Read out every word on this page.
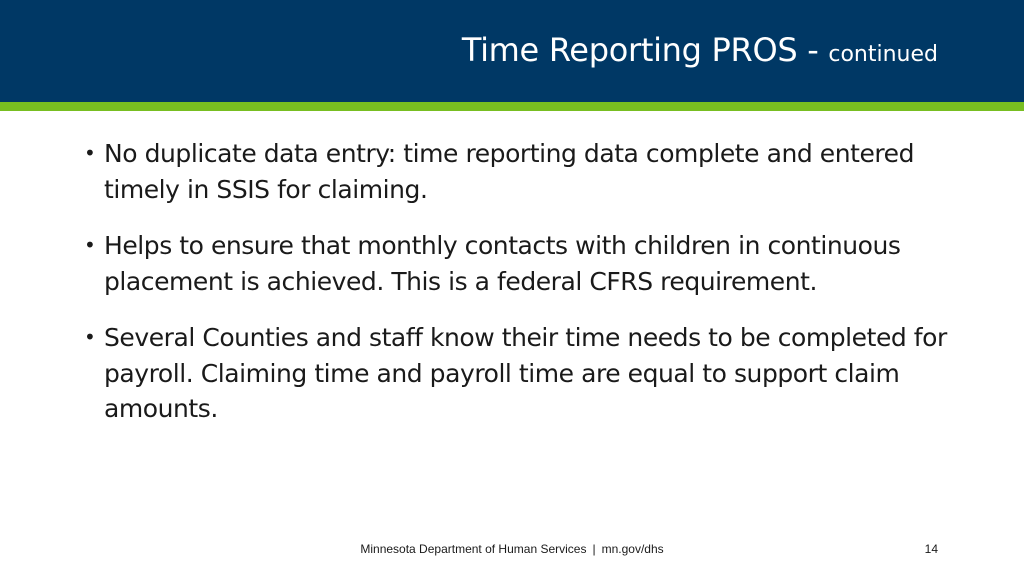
Time Reporting PROS - continued
• No duplicate data entry: time reporting data complete and entered timely in SSIS for claiming.
• Helps to ensure that monthly contacts with children in continuous placement is achieved. This is a federal CFRS requirement.
• Several Counties and staff know their time needs to be completed for payroll. Claiming time and payroll time are equal to support claim amounts.
Minnesota Department of Human Services | mn.gov/dhs	14
